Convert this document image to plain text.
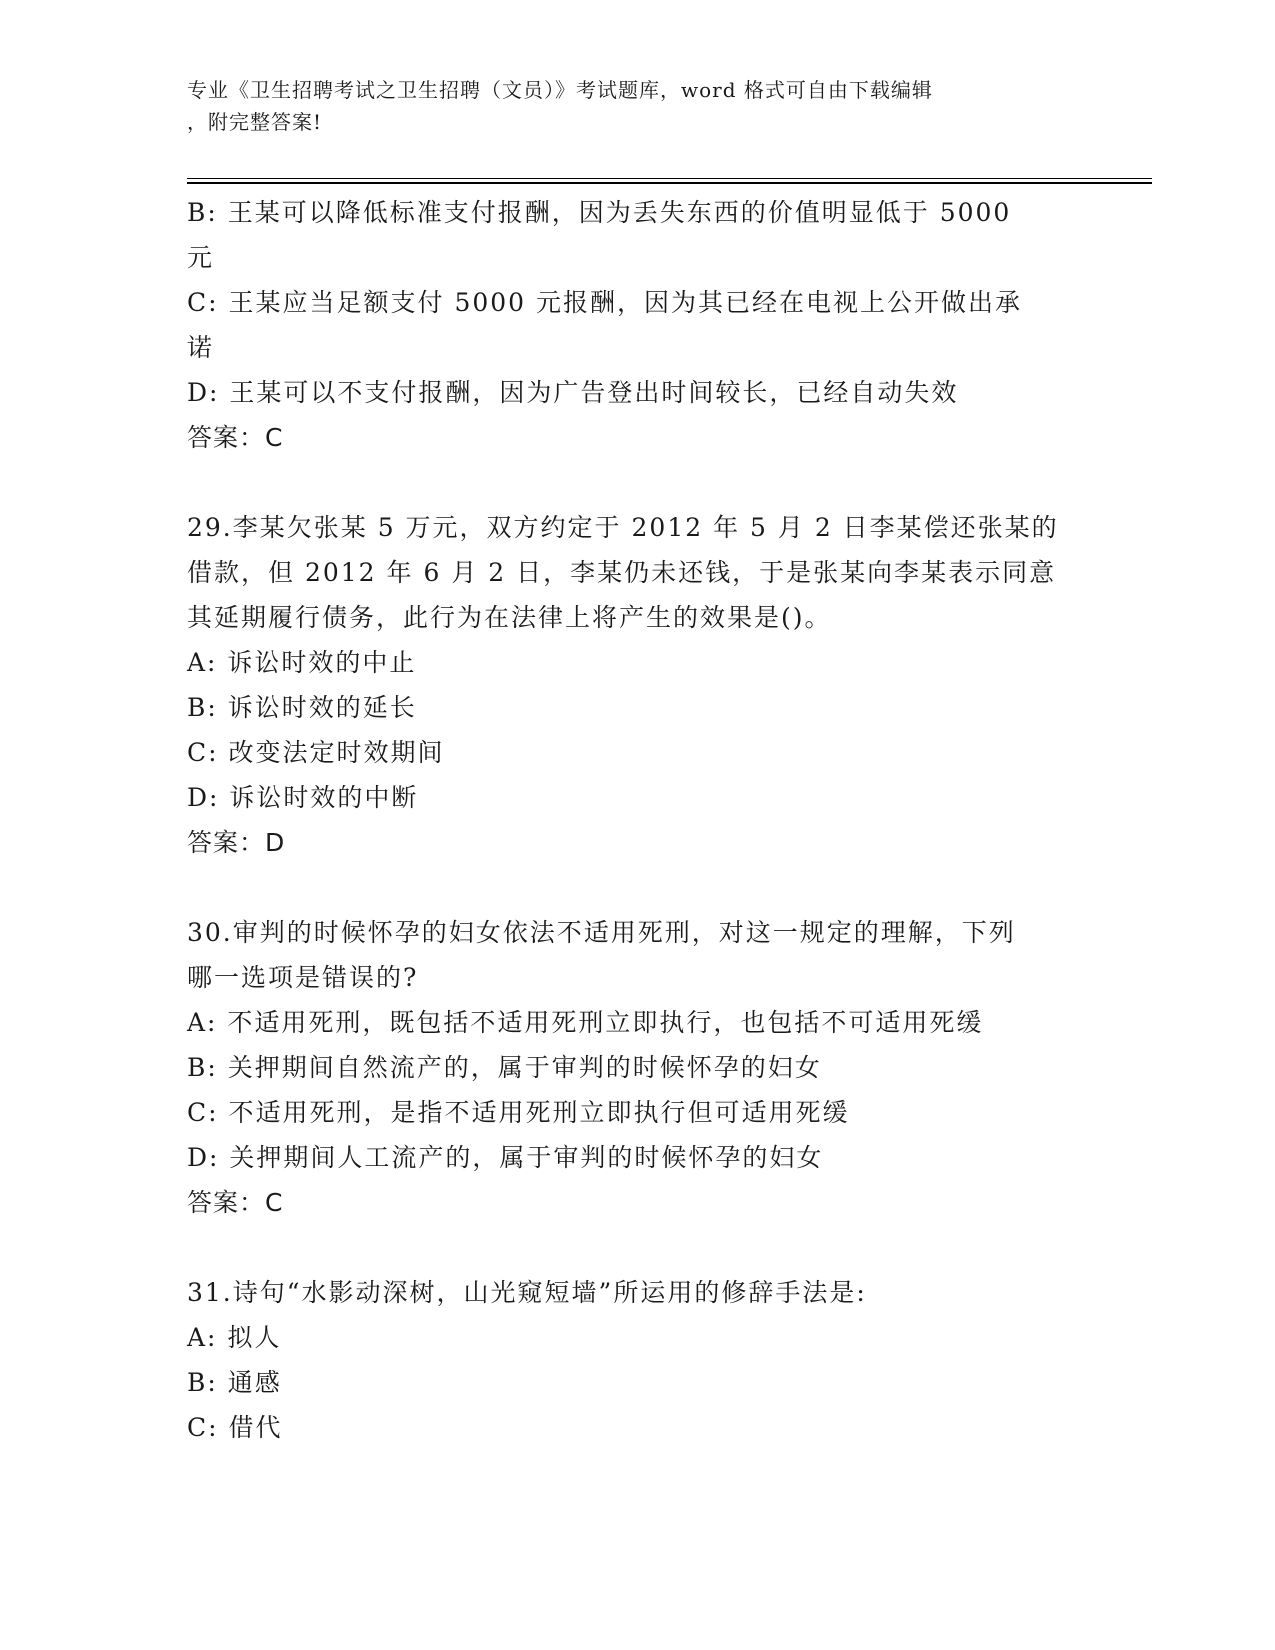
专业《卫生招聘考试之卫生招聘（文员）》考试题库，word 格式可自由下载编辑
，附完整答案!
B: 王某可以降低标准支付报酬，因为丢失东西的价值明显低于 5000
元
C: 王某应当足额支付 5000 元报酬，因为其已经在电视上公开做出承
诺
D: 王某可以不支付报酬，因为广告登出时间较长，已经自动失效
答案：C
29.李某欠张某 5 万元，双方约定于 2012 年 5 月 2 日李某偿还张某的
借款，但 2012 年 6 月 2 日，李某仍未还钱，于是张某向李某表示同意
其延期履行债务，此行为在法律上将产生的效果是()。
A: 诉讼时效的中止
B: 诉讼时效的延长
C: 改变法定时效期间
D: 诉讼时效的中断
答案：D
30.审判的时候怀孕的妇女依法不适用死刑，对这一规定的理解，下列
哪一选项是错误的?
A: 不适用死刑，既包括不适用死刑立即执行，也包括不可适用死缓
B: 关押期间自然流产的，属于审判的时候怀孕的妇女
C: 不适用死刑，是指不适用死刑立即执行但可适用死缓
D: 关押期间人工流产的，属于审判的时候怀孕的妇女
答案：C
31.诗句“水影动深树，山光窥短墙”所运用的修辞手法是:
A: 拟人
B: 通感
C: 借代
